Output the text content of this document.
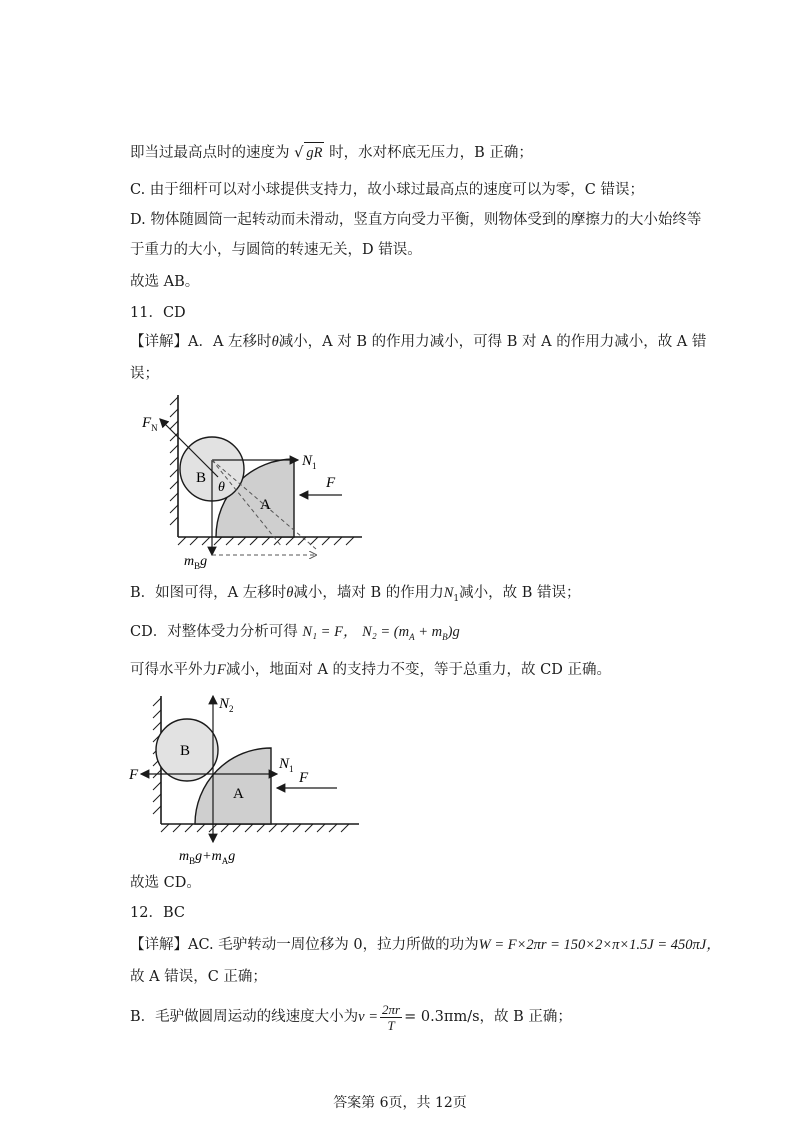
即当过最高点时的速度为 √ gR 时，水对杯底无压力，B 正确；
C. 由于细杆可以对小球提供支持力，故小球过最高点的速度可以为零，C 错误；
D. 物体随圆筒一起转动而未滑动，竖直方向受力平衡，则物体受到的摩擦力的大小始终等
于重力的大小，与圆筒的转速无关，D 错误。
故选 AB。
11．CD
【详解】A．A 左移时θ减小，A 对 B 的作用力减小，可得 B 对 A 的作用力减小，故 A 错
误；
$F_N$
B
θ
A
$N_1$
F
$m_Bg$
B．如图可得，A 左移时θ减小，墙对 B 的作用力$N_1$减小，故 B 错误；
CD．对整体受力分析可得 N₁ = F， $N_2 = (m_A + m_B)g$
可得水平外力F减小，地面对 A 的支持力不变，等于总重力，故 CD 正确。
$N_2$
B
A
F
$N_1$
F
$m_Bg+m_Ag$
故选 CD。
12．BC
【详解】AC. 毛驴转动一周位移为 0，拉力所做的功为W = F×2πr = 150×2×π×1.5J = 450πJ，
故 A 错误，C 正确；
B．毛驴做圆周运动的线速度大小为$v = \frac{2\pi r}{T} = 0.3\pi m/s$，故 B 正确；
答案第 6页，共 12页
